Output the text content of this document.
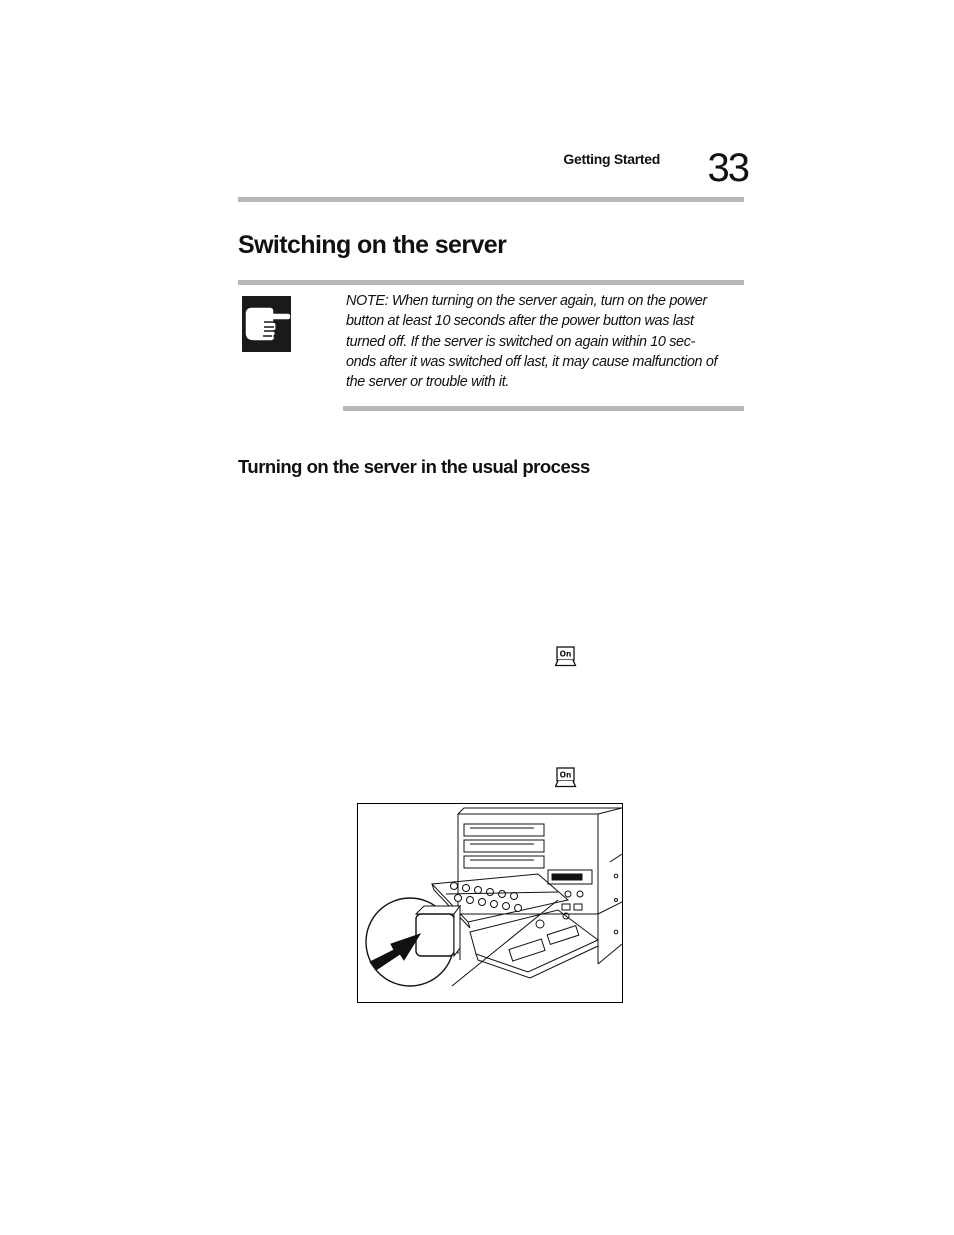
Getting Started 33
Switching on the server
NOTE: When turning on the server again, turn on the power
button at least 10 seconds after the power button was last
turned off. If the server is switched on again within 10 sec-
onds after it was switched off last, it may cause malfunction of
the server or trouble with it.
Turning on the server in the usual process
On
On
